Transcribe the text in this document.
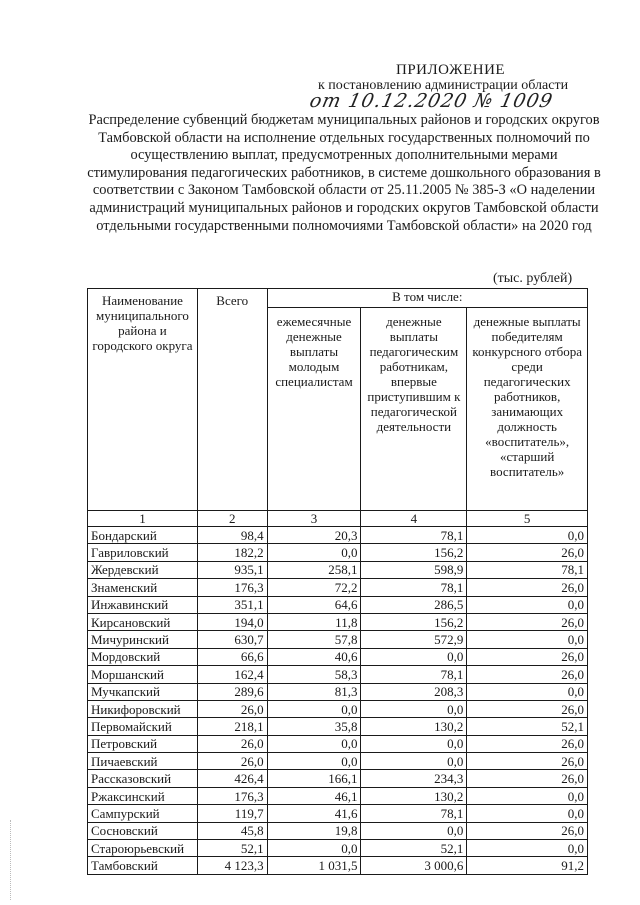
ПРИЛОЖЕНИЕ
к постановлению администрации области
от 10.12.2020 № 1009
Распределение субвенций бюджетам муниципальных районов и городских округов Тамбовской области на исполнение отдельных государственных полномочий по осуществлению выплат, предусмотренных дополнительными мерами стимулирования педагогических работников, в системе дошкольного образования в соответствии с Законом Тамбовской области от 25.11.2005 № 385-З «О наделении администраций муниципальных районов и городских округов Тамбовской области отдельными государственными полномочиями Тамбовской области» на 2020 год
(тыс. рублей)
Наименование муниципального района и городского округа	Всего	В том числе:		
		ежемесячные денежные выплаты молодым специалистам	денежные выплаты педагогическим работникам, впервые приступившим к педагогической деятельности	денежные выплаты победителям конкурсного отбора среди педагогических работников, занимающих должность «воспитатель», «старший воспитатель»
1	2	3	4	5
Бондарский	98,4	20,3	78,1	0,0
Гавриловский	182,2	0,0	156,2	26,0
Жердевский	935,1	258,1	598,9	78,1
Знаменский	176,3	72,2	78,1	26,0
Инжавинский	351,1	64,6	286,5	0,0
Кирсановский	194,0	11,8	156,2	26,0
Мичуринский	630,7	57,8	572,9	0,0
Мордовский	66,6	40,6	0,0	26,0
Моршанский	162,4	58,3	78,1	26,0
Мучкапский	289,6	81,3	208,3	0,0
Никифоровский	26,0	0,0	0,0	26,0
Первомайский	218,1	35,8	130,2	52,1
Петровский	26,0	0,0	0,0	26,0
Пичаевский	26,0	0,0	0,0	26,0
Рассказовский	426,4	166,1	234,3	26,0
Ржаксинский	176,3	46,1	130,2	0,0
Сампурский	119,7	41,6	78,1	0,0
Сосновский	45,8	19,8	0,0	26,0
Староюрьевский	52,1	0,0	52,1	0,0
Тамбовский	4 123,3	1 031,5	3 000,6	91,2
